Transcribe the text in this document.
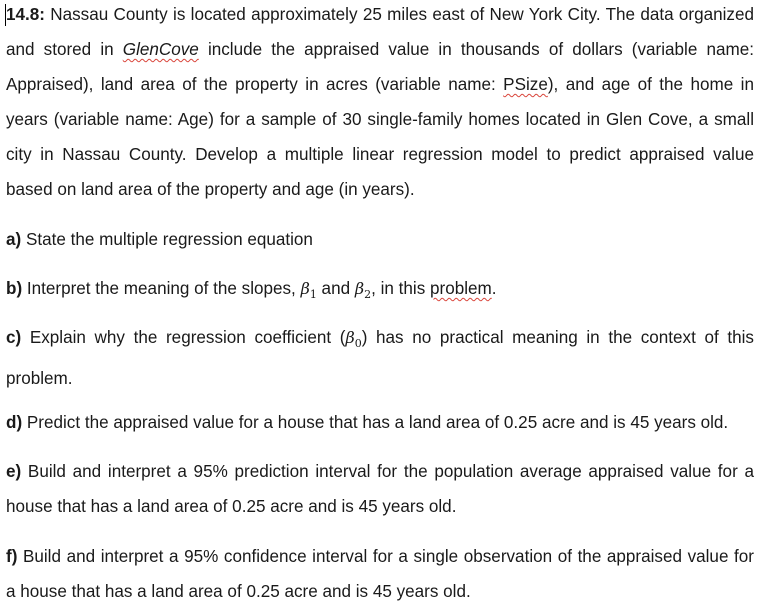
14.8: Nassau County is located approximately 25 miles east of New York City. The data organized and stored in GlenCove include the appraised value in thousands of dollars (variable name: Appraised), land area of the property in acres (variable name: PSize), and age of the home in years (variable name: Age) for a sample of 30 single-family homes located in Glen Cove, a small city in Nassau County. Develop a multiple linear regression model to predict appraised value based on land area of the property and age (in years).

a) State the multiple regression equation

b) Interpret the meaning of the slopes, $\beta_1$ and $\beta_2$, in this problem.

c) Explain why the regression coefficient $(\beta_0)$ has no practical meaning in the context of this problem.

d) Predict the appraised value for a house that has a land area of 0.25 acre and is 45 years old.

e) Build and interpret a 95% prediction interval for the population average appraised value for a house that has a land area of 0.25 acre and is 45 years old.

f) Build and interpret a 95% confidence interval for a single observation of the appraised value for a house that has a land area of 0.25 acre and is 45 years old.
